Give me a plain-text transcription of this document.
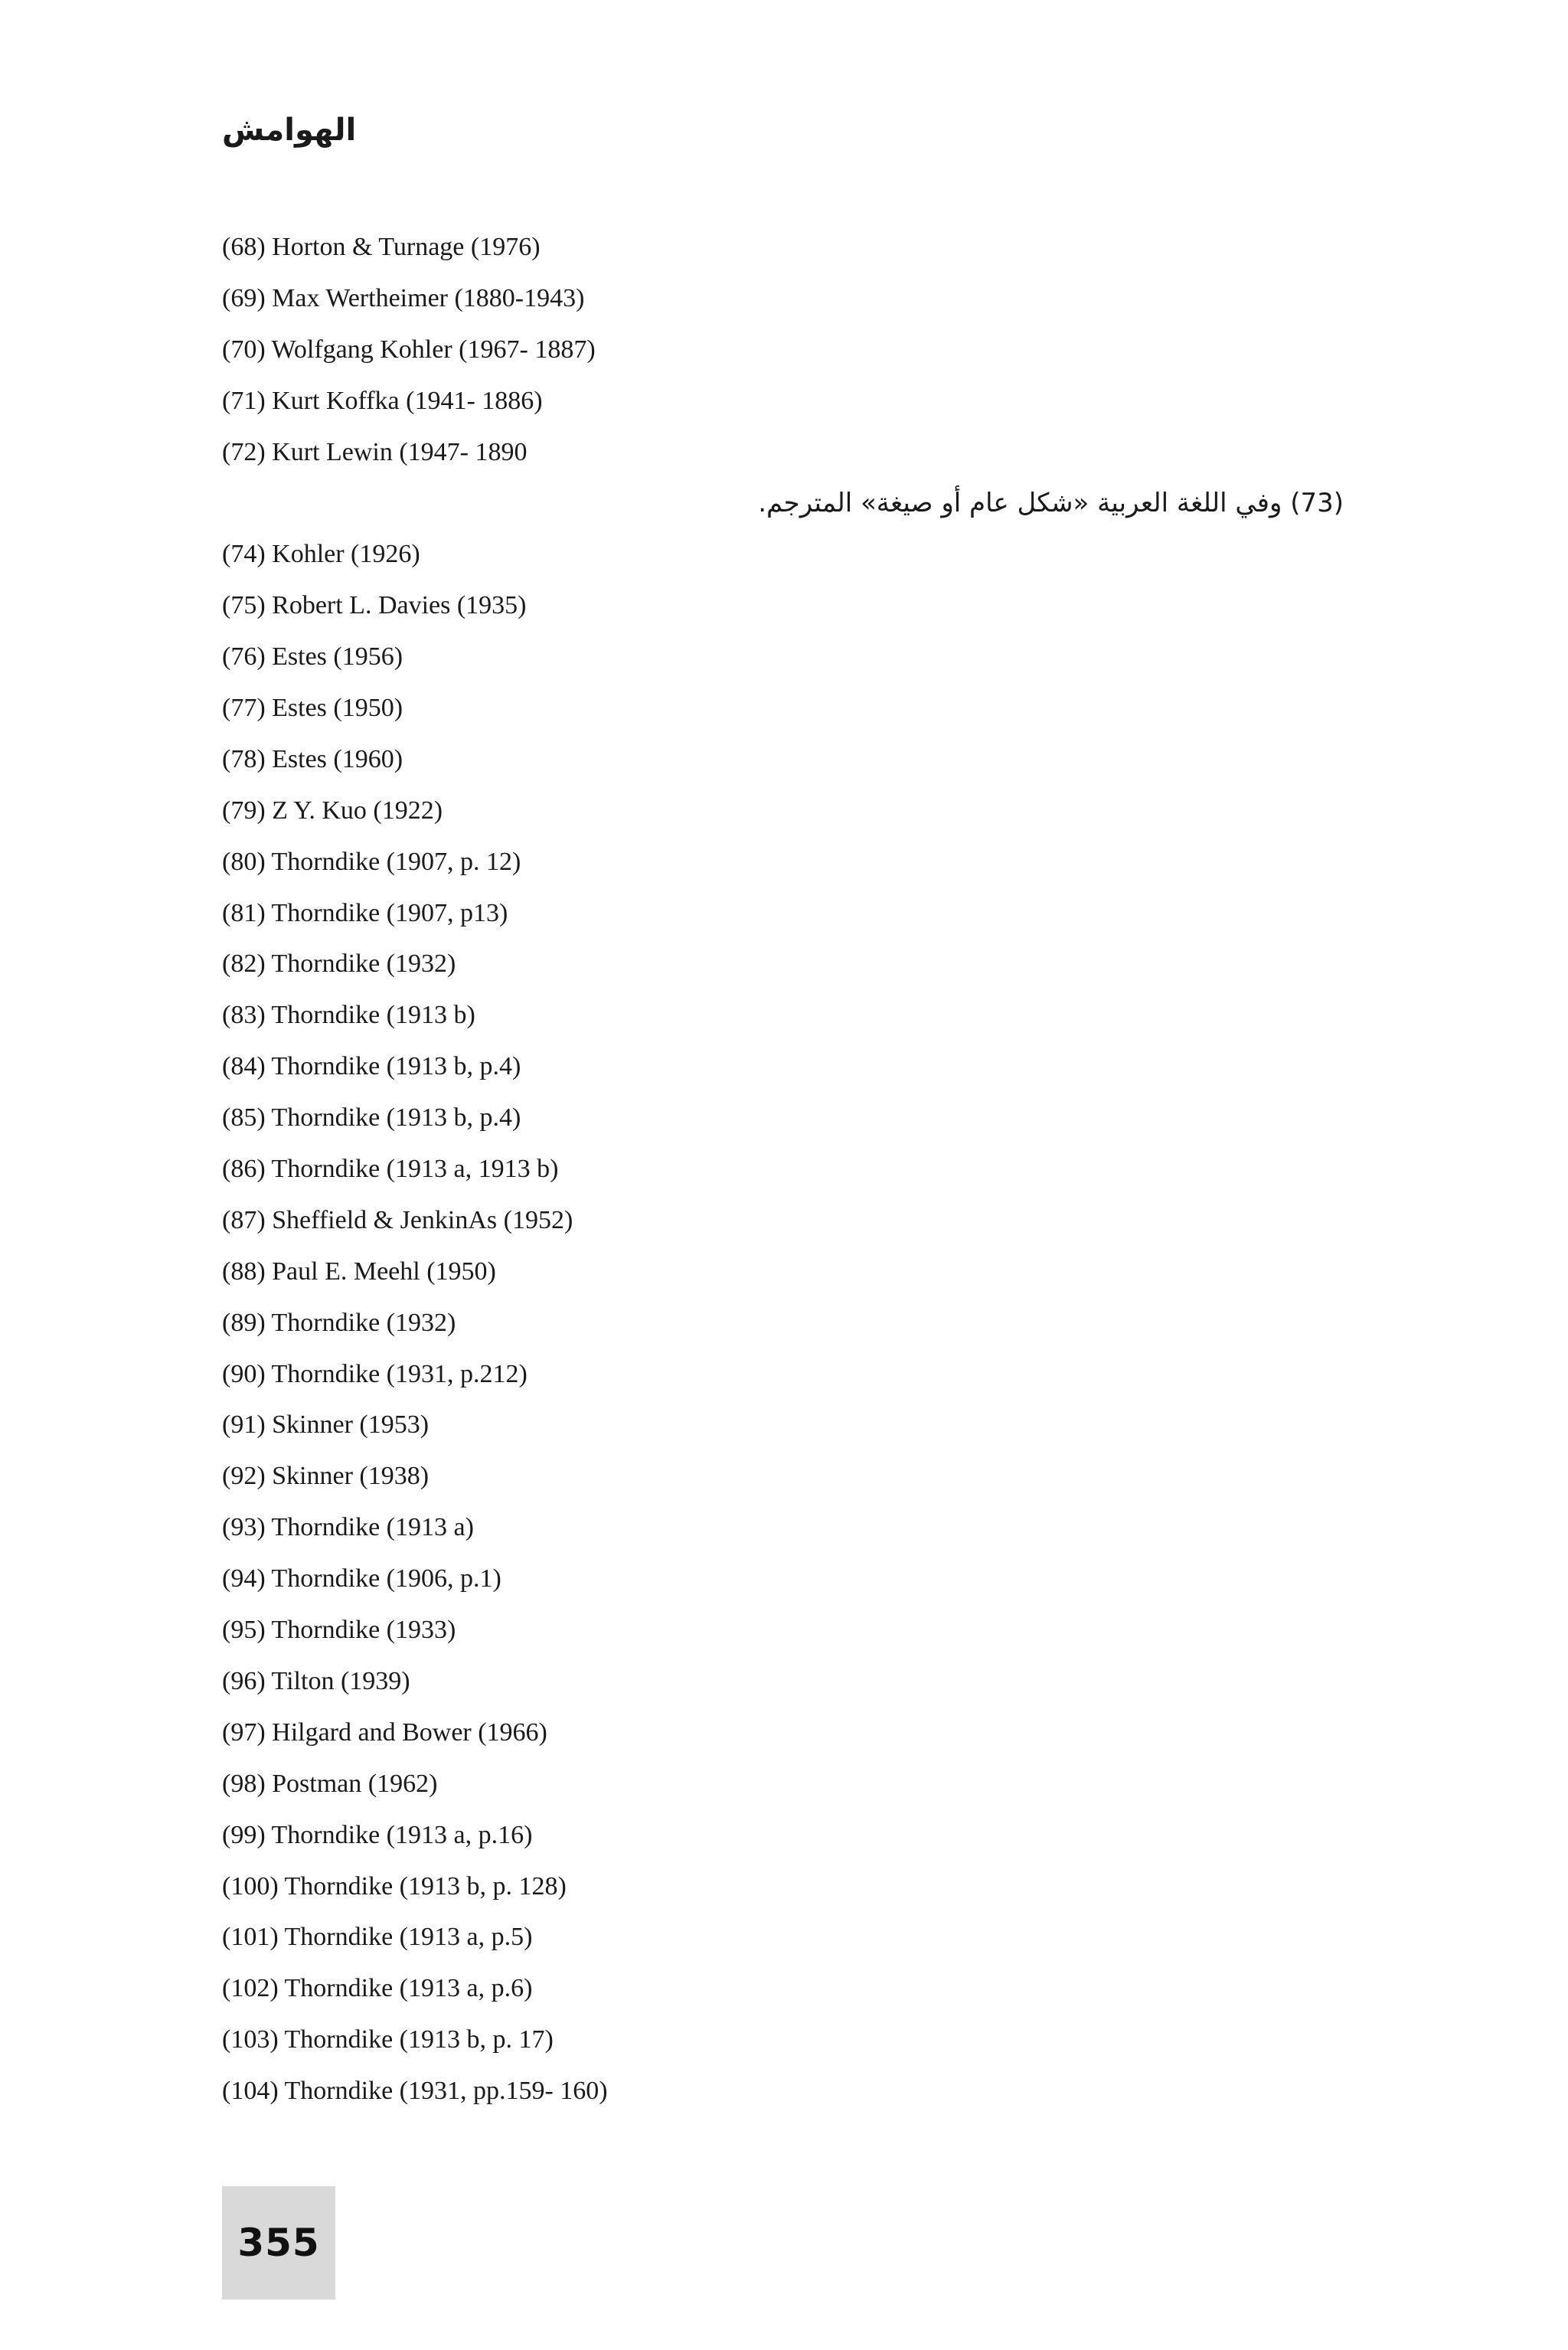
الهوامش
(68) Horton & Turnage (1976)
(69) Max Wertheimer (1880-1943)
(70) Wolfgang Kohler (1967- 1887)
(71) Kurt Koffka (1941- 1886)
(72) Kurt Lewin (1947- 1890
(73) وفي اللغة العربية «شكل عام أو صيغة» المترجم.
(74) Kohler (1926)
(75) Robert L. Davies (1935)
(76) Estes (1956)
(77) Estes (1950)
(78) Estes (1960)
(79) Z Y. Kuo (1922)
(80) Thorndike (1907, p. 12)
(81) Thorndike (1907, p13)
(82) Thorndike (1932)
(83) Thorndike (1913 b)
(84) Thorndike (1913 b, p.4)
(85) Thorndike (1913 b, p.4)
(86) Thorndike (1913 a, 1913 b)
(87) Sheffield & JenkinAs (1952)
(88) Paul E. Meehl (1950)
(89) Thorndike (1932)
(90) Thorndike (1931, p.212)
(91) Skinner (1953)
(92) Skinner (1938)
(93) Thorndike (1913 a)
(94) Thorndike (1906, p.1)
(95) Thorndike (1933)
(96) Tilton (1939)
(97) Hilgard and Bower (1966)
(98) Postman (1962)
(99) Thorndike (1913 a, p.16)
(100) Thorndike (1913 b, p. 128)
(101) Thorndike (1913 a, p.5)
(102) Thorndike (1913 a, p.6)
(103) Thorndike (1913 b, p. 17)
(104) Thorndike (1931, pp.159- 160)
355
